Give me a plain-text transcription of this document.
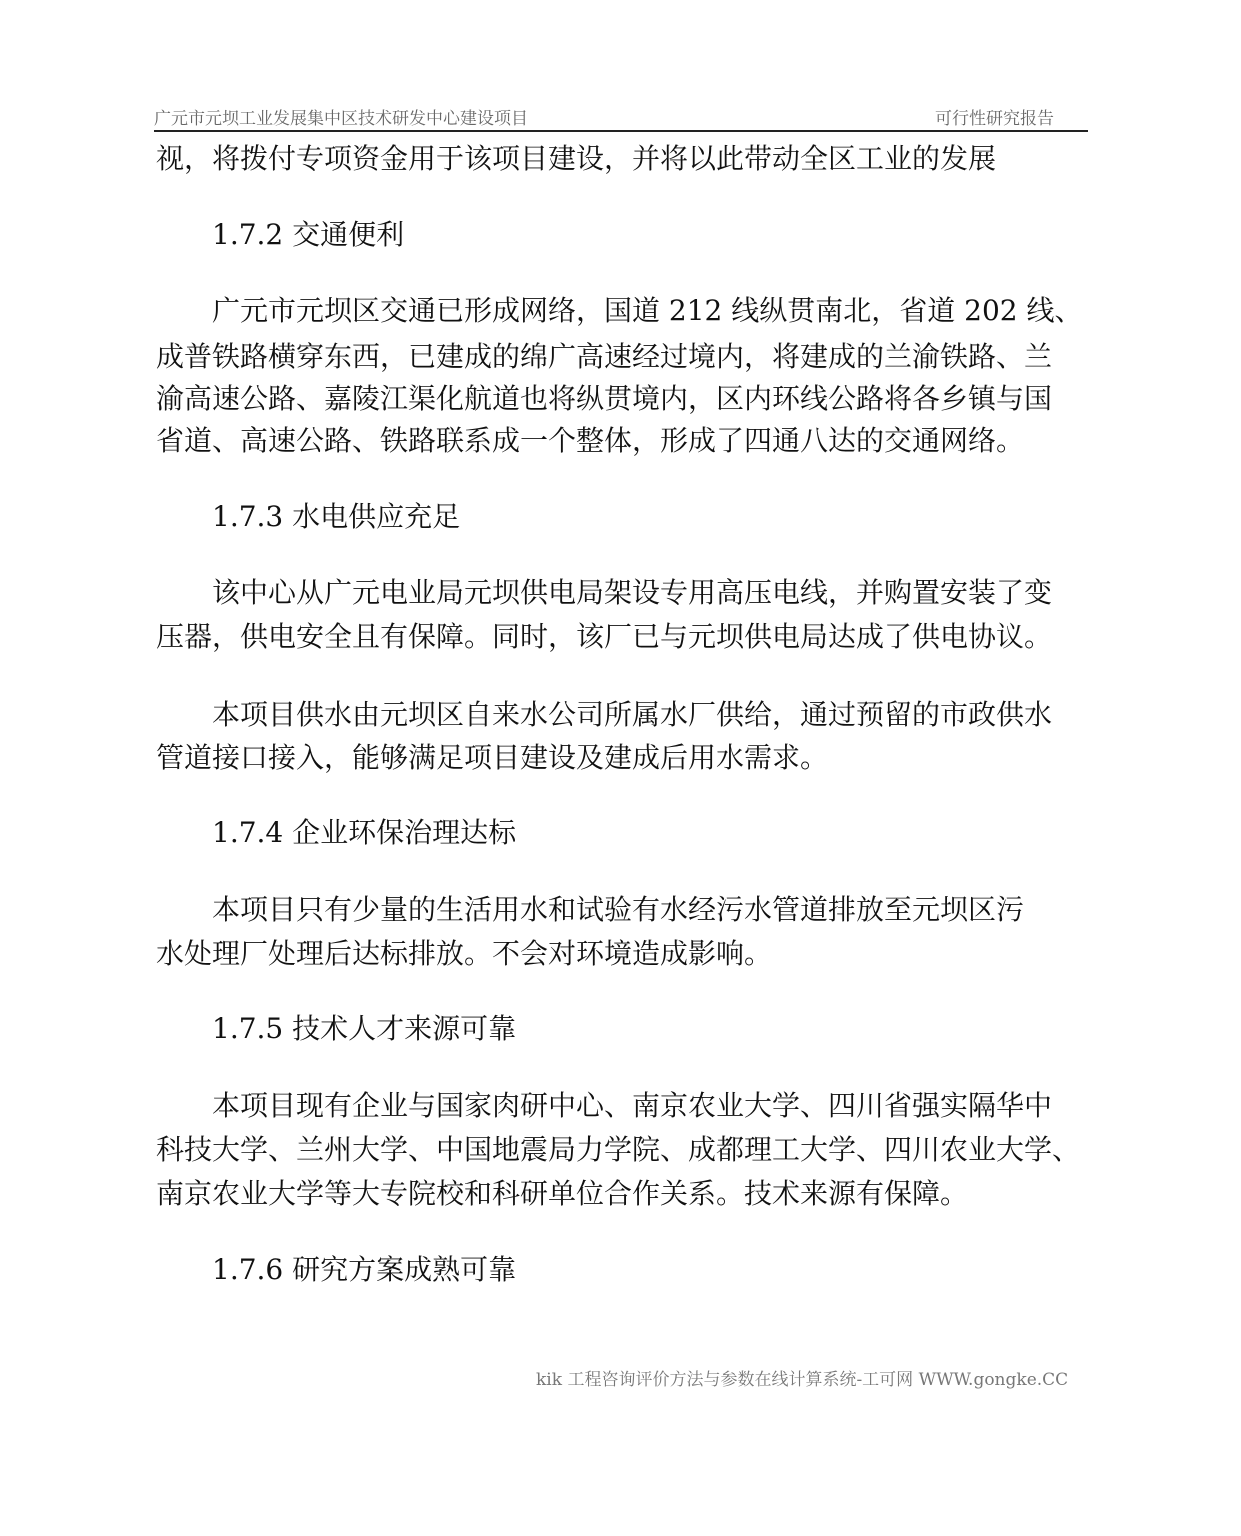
广元市元坝工业发展集中区技术研发中心建设项目	可行性研究报告
视，将拨付专项资金用于该项目建设，并将以此带动全区工业的发展
1.7.2 交通便利
广元市元坝区交通已形成网络，国道 212 线纵贯南北，省道 202 线、
成普铁路横穿东西，已建成的绵广高速经过境内，将建成的兰渝铁路、兰
渝高速公路、嘉陵江渠化航道也将纵贯境内，区内环线公路将各乡镇与国
省道、高速公路、铁路联系成一个整体，形成了四通八达的交通网络。
1.7.3 水电供应充足
该中心从广元电业局元坝供电局架设专用高压电线，并购置安装了变
压器，供电安全且有保障。同时，该厂已与元坝供电局达成了供电协议。
本项目供水由元坝区自来水公司所属水厂供给，通过预留的市政供水
管道接口接入，能够满足项目建设及建成后用水需求。
1.7.4 企业环保治理达标
本项目只有少量的生活用水和试验有水经污水管道排放至元坝区污
水处理厂处理后达标排放。不会对环境造成影响。
1.7.5 技术人才来源可靠
本项目现有企业与国家肉研中心、南京农业大学、四川省强实隔华中
科技大学、兰州大学、中国地震局力学院、成都理工大学、四川农业大学、
南京农业大学等大专院校和科研单位合作关系。技术来源有保障。
1.7.6 研究方案成熟可靠
kik 工程咨询评价方法与参数在线计算系统-工可网 WWW.gongke.CC
